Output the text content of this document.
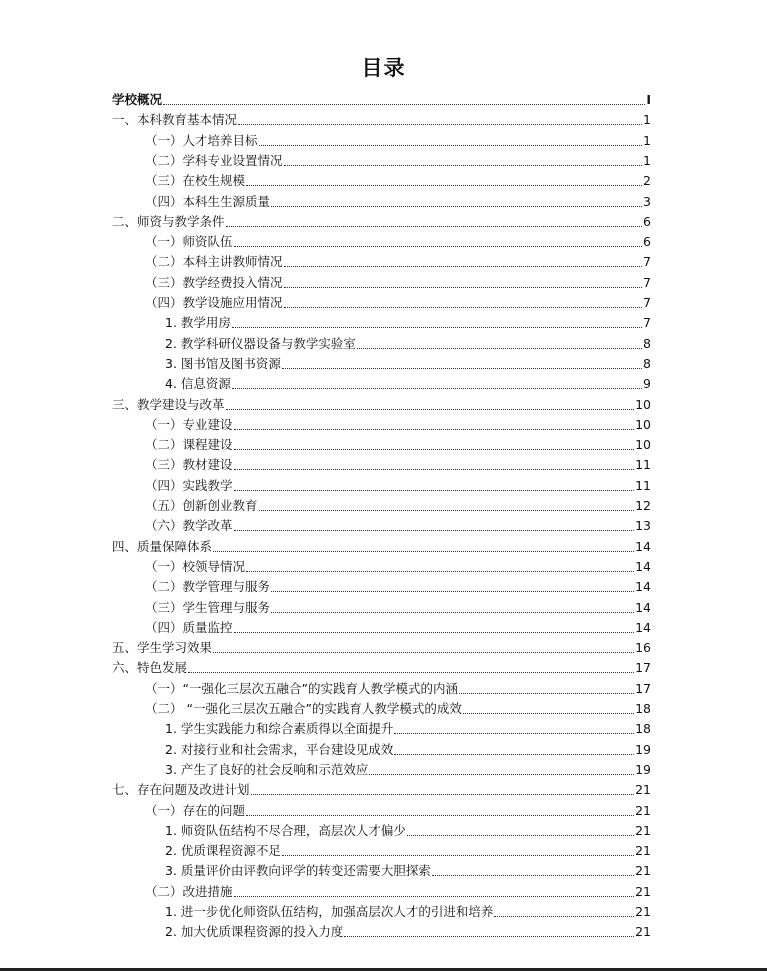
目录
学校概况	I
一、本科教育基本情况	1
（一）人才培养目标	1
（二）学科专业设置情况	1
（三）在校生规模	2
（四）本科生生源质量	3
二、师资与教学条件	6
（一）师资队伍	6
（二）本科主讲教师情况	7
（三）教学经费投入情况	7
（四）教学设施应用情况	7
1. 教学用房	7
2. 教学科研仪器设备与教学实验室	8
3. 图书馆及图书资源	8
4. 信息资源	9
三、教学建设与改革	10
（一）专业建设	10
（二）课程建设	10
（三）教材建设	11
（四）实践教学	11
（五）创新创业教育	12
（六）教学改革	13
四、质量保障体系	14
（一）校领导情况	14
（二）教学管理与服务	14
（三）学生管理与服务	14
（四）质量监控	14
五、学生学习效果	16
六、特色发展	17
（一）“一强化三层次五融合”的实践育人教学模式的内涵	17
（二） “一强化三层次五融合”的实践育人教学模式的成效	18
1. 学生实践能力和综合素质得以全面提升	18
2. 对接行业和社会需求，平台建设见成效	19
3. 产生了良好的社会反响和示范效应	19
七、存在问题及改进计划	21
（一）存在的问题	21
1. 师资队伍结构不尽合理，高层次人才偏少	21
2. 优质课程资源不足	21
3. 质量评价由评教向评学的转变还需要大胆探索	21
（二）改进措施	21
1. 进一步优化师资队伍结构，加强高层次人才的引进和培养	21
2. 加大优质课程资源的投入力度	21
